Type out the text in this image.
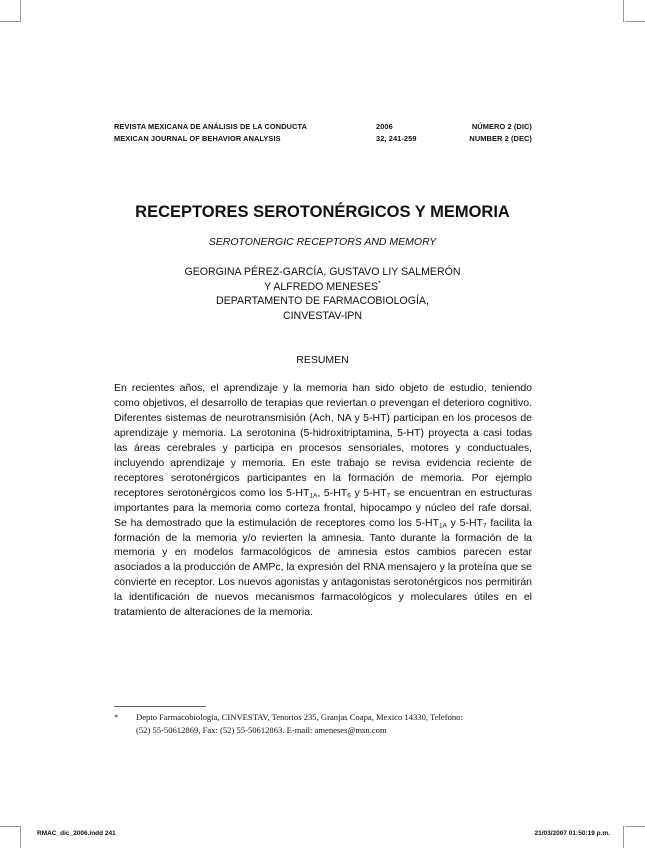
REVISTA MEXICANA DE ANÁLISIS DE LA CONDUCTA	2006	NÚMERO 2 (DIC)
MEXICAN JOURNAL OF BEHAVIOR ANALYSIS	32, 241-259	NUMBER 2 (DEC)
RECEPTORES SEROTONÉRGICOS Y MEMORIA
SEROTONERGIC RECEPTORS AND MEMORY
GEORGINA PÉREZ-GARCÍA, GUSTAVO LIY SALMERÓN
Y ALFREDO MENESES*
DEPARTAMENTO DE FARMACOBIOLOGÍA,
CINVESTAV-IPN
RESUMEN

En recientes años, el aprendizaje y la memoria han sido objeto de estudio, teniendo como objetivos, el desarrollo de terapias que reviertan o prevengan el deterioro cognitivo. Diferentes sistemas de neurotransmisión (Ach, NA y 5-HT) participan en los procesos de aprendizaje y memoria. La serotonina (5-hidroxitriptamina, 5-HT) proyecta a casi todas las áreas cerebrales y participa en procesos sensoriales, motores y conductuales, incluyendo aprendizaje y memoria. En este trabajo se revisa evidencia reciente de receptores serotonérgicos participantes en la formación de memoria. Por ejemplo receptores serotonérgicos como los $5-HT_{1A}$, $5-HT_6$ y $5-HT_7$ se encuentran en estructuras importantes para la memoria como corteza frontal, hipocampo y núcleo del rafe dorsal. Se ha demostrado que la estimulación de receptores como los $5-HT_{1A}$ y $5-HT_7$ facilita la formación de la memoria y/o revierten la amnesia. Tanto durante la formación de la memoria y en modelos farmacológicos de amnesia estos cambios parecen estar asociados a la producción de AMPc, la expresión del RNA mensajero y la proteína que se convierte en receptor. Los nuevos agonistas y antagonistas serotonérgicos nos permitirán la identificación de nuevos mecanismos farmacológicos y moleculares útiles en el tratamiento de alteraciones de la memoria.

* Depto Farmacobiologia, CINVESTAV, Tenorios 235, Granjas Coapa, Mexico 14330, Telefono:
(52) 55-50612869, Fax: (52) 55-50612863. E-mail: ameneses@msn.com
RMAC_dic_2006.indd 241	21/03/2007 01:50:19 p.m.
